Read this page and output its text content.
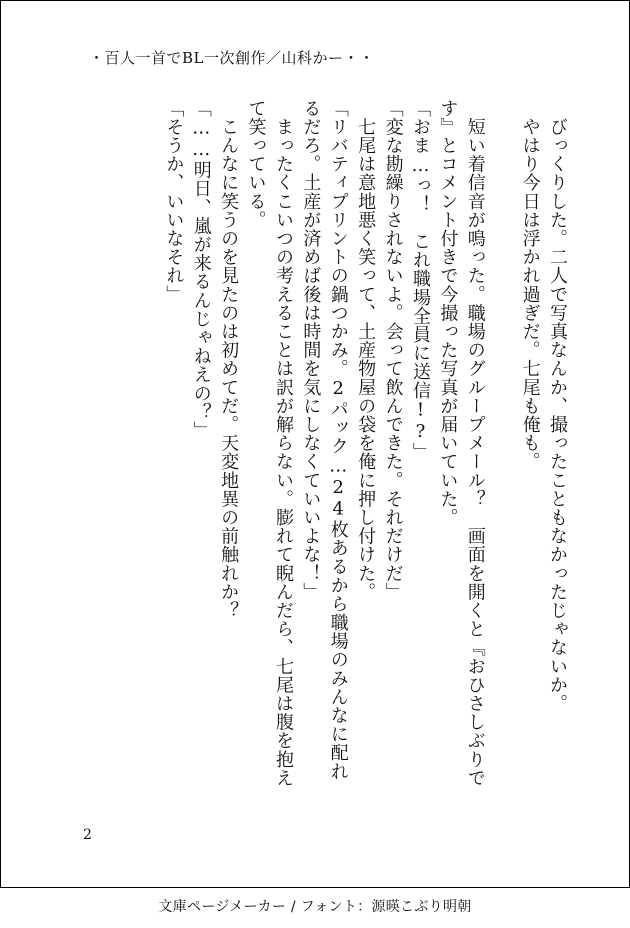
・百人一首でBL一次創作／山科かー・・

　びっくりした。二人で写真なんか、撮ったこともなかったじゃないか。

　やはり今日は浮かれ過ぎだ。七尾も俺も。

　短い着信音が鳴った。職場のグループメール？　画面を開くと『おひさしぶりです』とコメント付きで今撮った写真が届いていた。

「おま…っ！　これ職場全員に送信!?」

「変な勘繰りされないよ。会って飲んできた。それだけだ」

　七尾は意地悪く笑って、土産物屋の袋を俺に押し付けた。

「リバティプリントの鍋つかみ。2パック…24枚あるから職場のみんなに配れるだろ。土産が済めば後は時間を気にしなくていいよな！」

　まったくこいつの考えることは訳が解らない。膨れて睨んだら、七尾は腹を抱えて笑っている。

　こんなに笑うのを見たのは初めてだ。天変地異の前触れか？

「……明日、嵐が来るんじゃねえの？」

「そうか、いいなそれ」

2
文庫ページメーカー / フォント：源暎こぶり明朝
